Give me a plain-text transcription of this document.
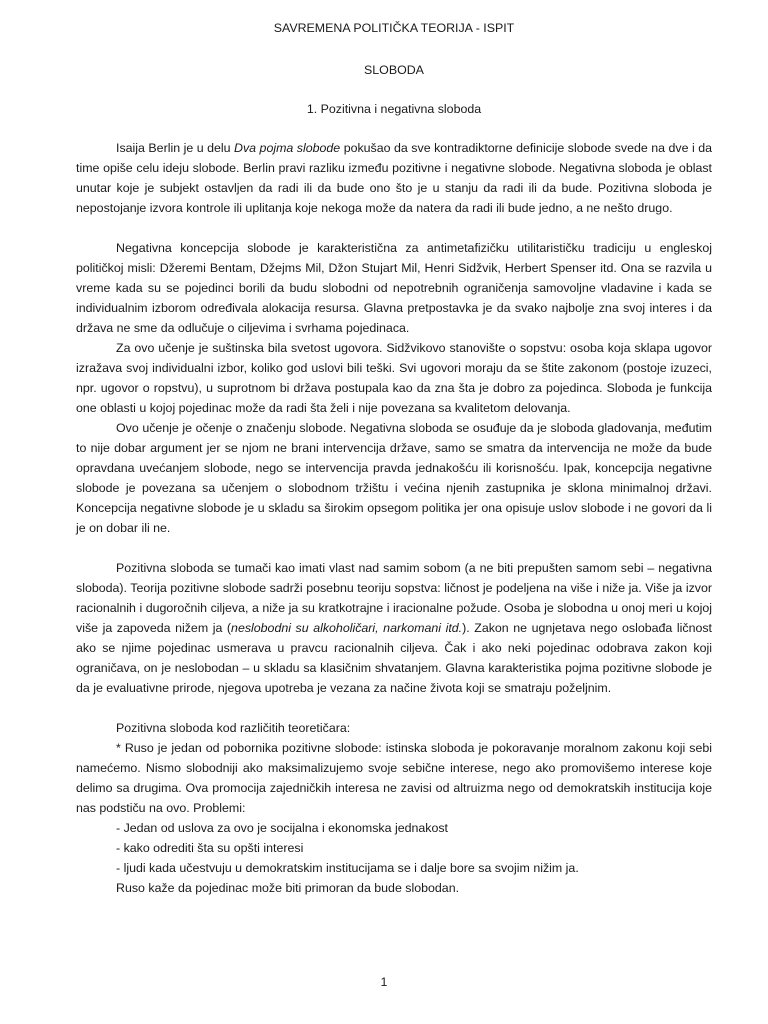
SAVREMENA POLITIČKA TEORIJA - ISPIT
SLOBODA
1. Pozitivna i negativna sloboda

Isaija Berlin je u delu Dva pojma slobode pokušao da sve kontradiktorne definicije slobode svede na dve i da time opiše celu ideju slobode. Berlin pravi razliku između pozitivne i negativne slobode. Negativna sloboda je oblast unutar koje je subjekt ostavljen da radi ili da bude ono što je u stanju da radi ili da bude. Pozitivna sloboda je nepostojanje izvora kontrole ili uplitanja koje nekoga može da natera da radi ili bude jedno, a ne nešto drugo.

Negativna koncepcija slobode je karakteristična za antimetafizičku utilitarističku tradiciju u engleskoj političkoj misli: Džeremi Bentam, Džejms Mil, Džon Stujart Mil, Henri Sidžvik, Herbert Spenser itd. Ona se razvila u vreme kada su se pojedinci borili da budu slobodni od nepotrebnih ograničenja samovoljne vladavine i kada se individualnim izborom određivala alokacija resursa. Glavna pretpostavka je da svako najbolje zna svoj interes i da država ne sme da odlučuje o ciljevima i svrhama pojedinaca.

Za ovo učenje je suštinska bila svetost ugovora. Sidžvikovo stanovište o sopstvu: osoba koja sklapa ugovor izražava svoj individualni izbor, koliko god uslovi bili teški. Svi ugovori moraju da se štite zakonom (postoje izuzeci, npr. ugovor o ropstvu), u suprotnom bi država postupala kao da zna šta je dobro za pojedinca. Sloboda je funkcija one oblasti u kojoj pojedinac može da radi šta želi i nije povezana sa kvalitetom delovanja.

Ovo učenje je očenje o značenju slobode. Negativna sloboda se osuđuje da je sloboda gladovanja, međutim to nije dobar argument jer se njom ne brani intervencija države, samo se smatra da intervencija ne može da bude opravdana uvećanjem slobode, nego se intervencija pravda jednakošću ili korisnošću. Ipak, koncepcija negativne slobode je povezana sa učenjem o slobodnom tržištu i većina njenih zastupnika je sklona minimalnoj državi. Koncepcija negativne slobode je u skladu sa širokim opsegom politika jer ona opisuje uslov slobode i ne govori da li je on dobar ili ne.

Pozitivna sloboda se tumači kao imati vlast nad samim sobom (a ne biti prepušten samom sebi – negativna sloboda). Teorija pozitivne slobode sadrži posebnu teoriju sopstva: ličnost je podeljena na više i niže ja. Više ja izvor racionalnih i dugoročnih ciljeva, a niže ja su kratkotrajne i iracionalne požude. Osoba je slobodna u onoj meri u kojoj više ja zapoveda nižem ja (neslobodni su alkoholičari, narkomani itd.). Zakon ne ugnjetava nego oslobađa ličnost ako se njime pojedinac usmerava u pravcu racionalnih ciljeva. Čak i ako neki pojedinac odobrava zakon koji ograničava, on je neslobodan – u skladu sa klasičnim shvatanjem. Glavna karakteristika pojma pozitivne slobode je da je evaluativne prirode, njegova upotreba je vezana za načine života koji se smatraju poželjnim.

Pozitivna sloboda kod različitih teoretičara:

* Ruso je jedan od pobornika pozitivne slobode: istinska sloboda je pokoravanje moralnom zakonu koji sebi namećemo. Nismo slobodniji ako maksimalizujemo svoje sebične interese, nego ako promovišemo interese koje delimo sa drugima. Ova promocija zajedničkih interesa ne zavisi od altruizma nego od demokratskih institucija koje nas podstiču na ovo. Problemi:

- Jedan od uslova za ovo je socijalna i ekonomska jednakost

- kako odrediti šta su opšti interesi

- ljudi kada učestvuju u demokratskim institucijama se i dalje bore sa svojim nižim ja.

Ruso kaže da pojedinac može biti primoran da bude slobodan.

1
